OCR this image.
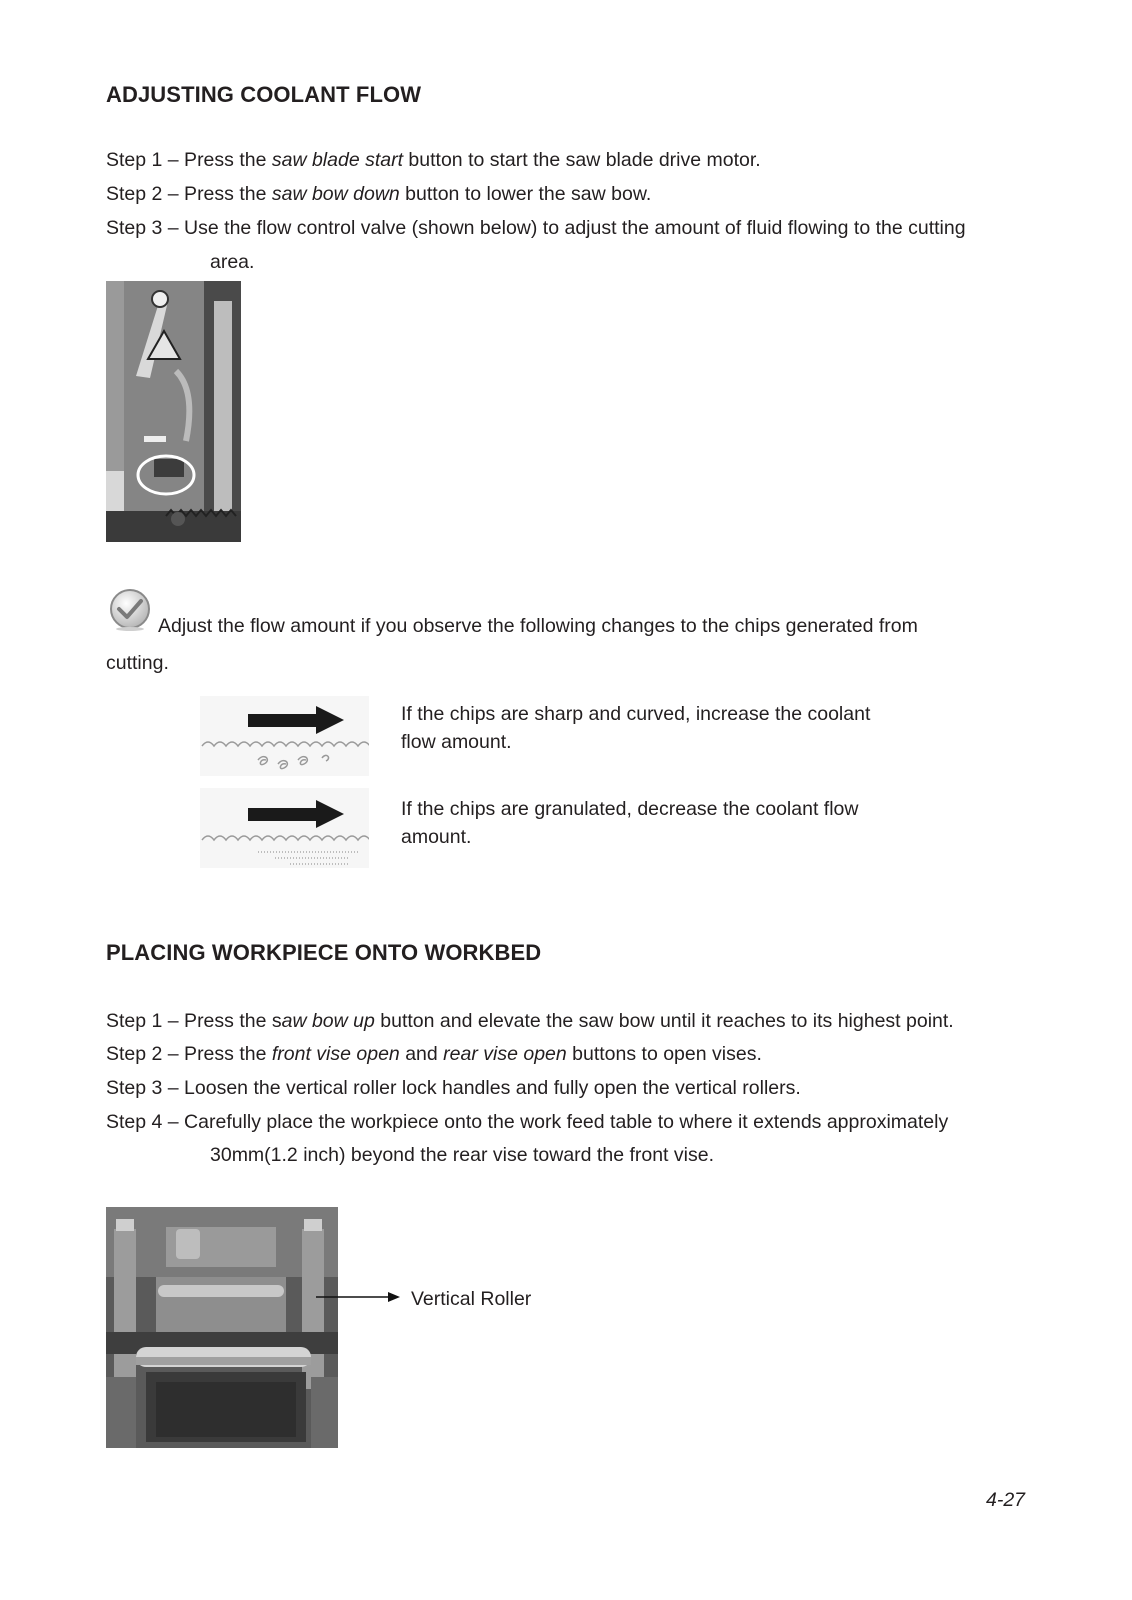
ADJUSTING COOLANT FLOW
Step 1 – Press the saw blade start button to start the saw blade drive motor.
Step 2 – Press the saw bow down button to lower the saw bow.
Step 3 – Use the flow control valve (shown below) to adjust the amount of fluid flowing to the cutting
area.
Adjust the flow amount if you observe the following changes to the chips generated from
cutting.
If the chips are sharp and curved, increase the coolant
flow amount.
If the chips are granulated, decrease the coolant flow
amount.
PLACING WORKPIECE ONTO WORKBED
Step 1 – Press the saw bow up button and elevate the saw bow until it reaches to its highest point.
Step 2 – Press the front vise open and rear vise open buttons to open vises.
Step 3 – Loosen the vertical roller lock handles and fully open the vertical rollers.
Step 4 – Carefully place the workpiece onto the work feed table to where it extends approximately
30mm(1.2 inch) beyond the rear vise toward the front vise.
Vertical Roller
4-27
